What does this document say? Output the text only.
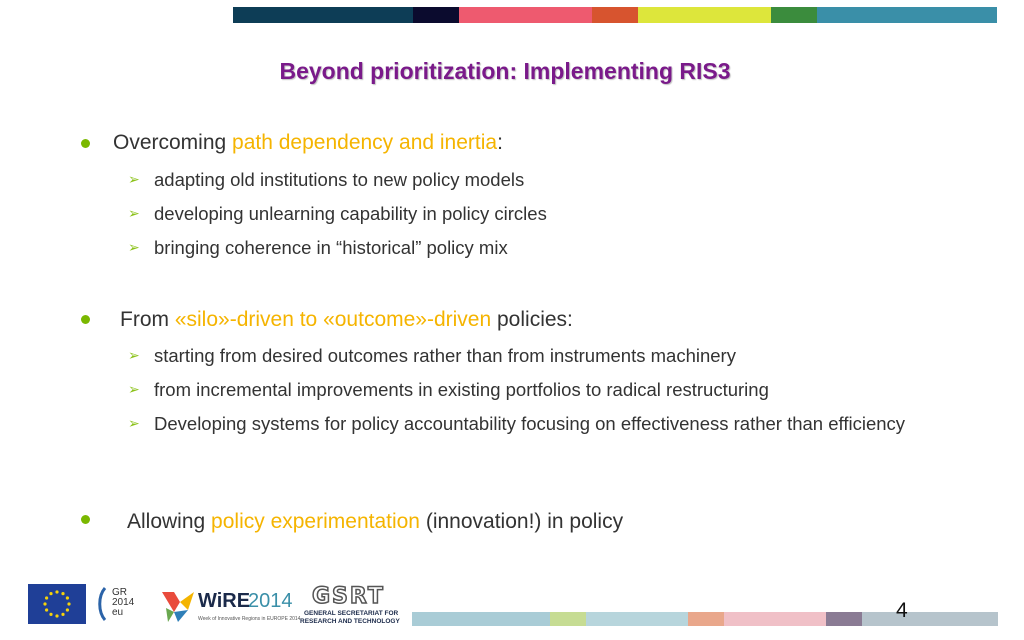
Beyond prioritization: Implementing RIS3
Overcoming path dependency and inertia:
➢ adapting old institutions to new policy models
➢ developing unlearning capability in policy circles
➢ bringing coherence in “historical” policy mix
From «silo»-driven to «outcome»-driven policies:
➢ starting from desired outcomes rather than from instruments machinery
➢ from incremental improvements in existing portfolios to radical restructuring
➢ Developing systems for policy accountability focusing on effectiveness rather than efficiency
Allowing policy experimentation (innovation!) in policy
GR 2014 eu
WiRE
2014
Week of Innovative Regions in EUROPE 2014
GSRT
GENERAL SECRETARIAT FOR
RESEARCH AND TECHNOLOGY	4
